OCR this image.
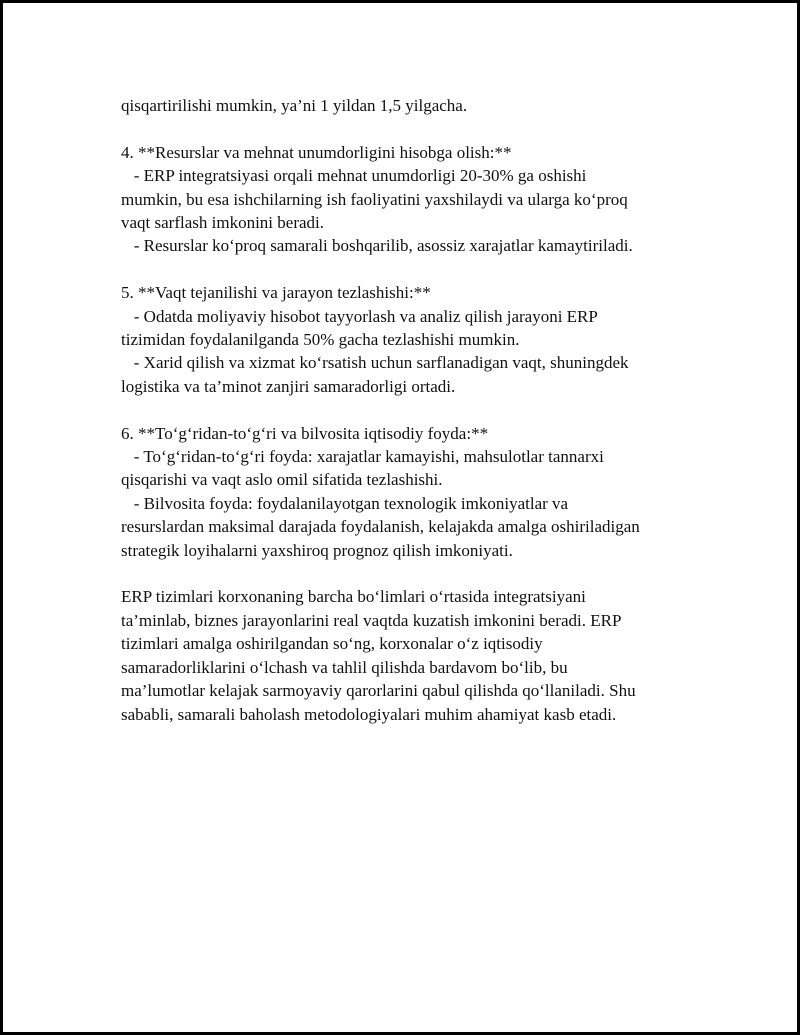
qisqartirilishi mumkin, ya’ni 1 yildan 1,5 yilgacha.
4. **Resurslar va mehnat unumdorligini hisobga olish:**
- ERP integratsiyasi orqali mehnat unumdorligi 20-30% ga oshishi
mumkin, bu esa ishchilarning ish faoliyatini yaxshilaydi va ularga ko‘proq
vaqt sarflash imkonini beradi.
- Resurslar ko‘proq samarali boshqarilib, asossiz xarajatlar kamaytiriladi.
5. **Vaqt tejanilishi va jarayon tezlashishi:**
- Odatda moliyaviy hisobot tayyorlash va analiz qilish jarayoni ERP
tizimidan foydalanilganda 50% gacha tezlashishi mumkin.
- Xarid qilish va xizmat ko‘rsatish uchun sarflanadigan vaqt, shuningdek
logistika va ta’minot zanjiri samaradorligi ortadi.
6. **To‘g‘ridan-to‘g‘ri va bilvosita iqtisodiy foyda:**
- To‘g‘ridan-to‘g‘ri foyda: xarajatlar kamayishi, mahsulotlar tannarxi
qisqarishi va vaqt aslo omil sifatida tezlashishi.
- Bilvosita foyda: foydalanilayotgan texnologik imkoniyatlar va
resurslardan maksimal darajada foydalanish, kelajakda amalga oshiriladigan
strategik loyihalarni yaxshiroq prognoz qilish imkoniyati.
ERP tizimlari korxonaning barcha bo‘limlari o‘rtasida integratsiyani
ta’minlab, biznes jarayonlarini real vaqtda kuzatish imkonini beradi. ERP
tizimlari amalga oshirilgandan so‘ng, korxonalar o‘z iqtisodiy
samaradorliklarini o‘lchash va tahlil qilishda bardavom bo‘lib, bu
ma’lumotlar kelajak sarmoyaviy qarorlarini qabul qilishda qo‘llaniladi. Shu
sababli, samarali baholash metodologiyalari muhim ahamiyat kasb etadi.
